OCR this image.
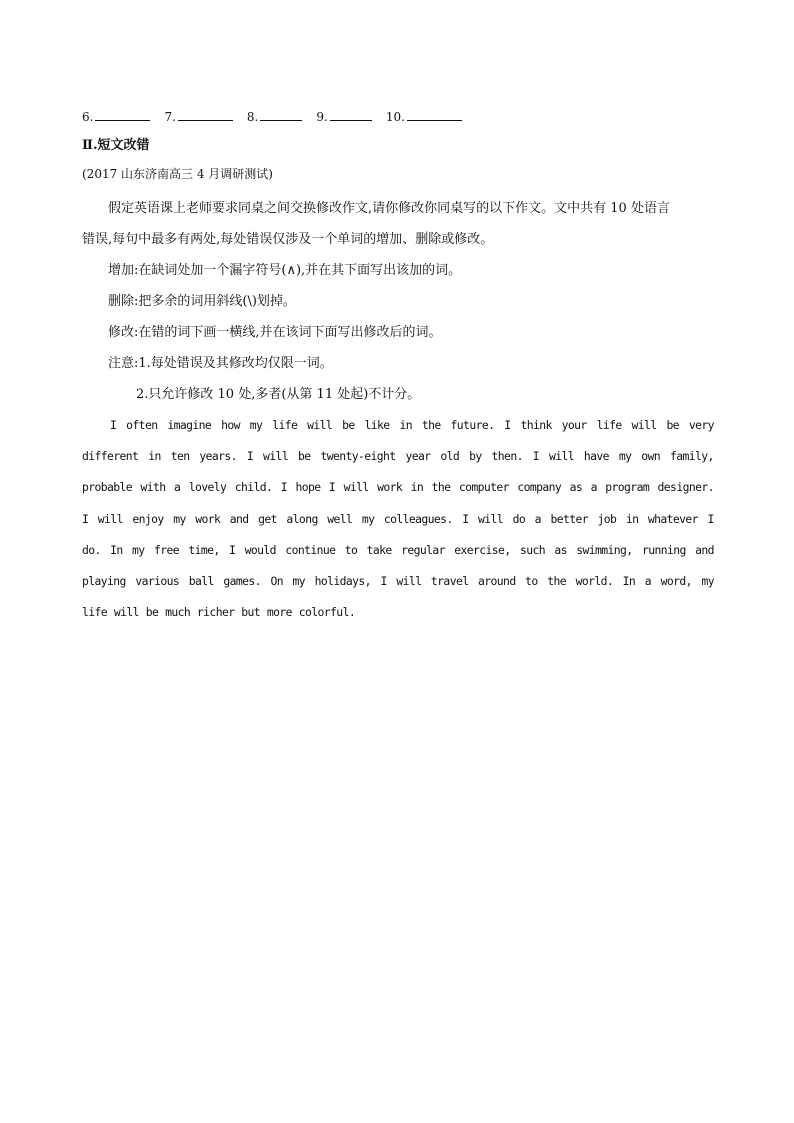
6.	7.	8.	9.	10.
Ⅱ.短文改错
(2017 山东济南高三 4 月调研测试)
假定英语课上老师要求同桌之间交换修改作文,请你修改你同桌写的以下作文。文中共有 10 处语言
错误,每句中最多有两处,每处错误仅涉及一个单词的增加、删除或修改。
增加:在缺词处加一个漏字符号(∧),并在其下面写出该加的词。
删除:把多余的词用斜线(\)划掉。
修改:在错的词下画一横线,并在该词下面写出修改后的词。
注意:1.每处错误及其修改均仅限一词。
2.只允许修改 10 处,多者(从第 11 处起)不计分。
I often imagine how my life will be like in the future. I think your life will be very
different in ten years. I will be twenty-eight year old by then. I will have my own family,
probable with a lovely child. I hope I will work in the computer company as a program designer.
I will enjoy my work and get along well my colleagues. I will do a better job in whatever I
do. In my free time, I would continue to take regular exercise, such as swimming, running and
playing various ball games. On my holidays, I will travel around to the world. In a word, my
life will be much richer but more colorful.
